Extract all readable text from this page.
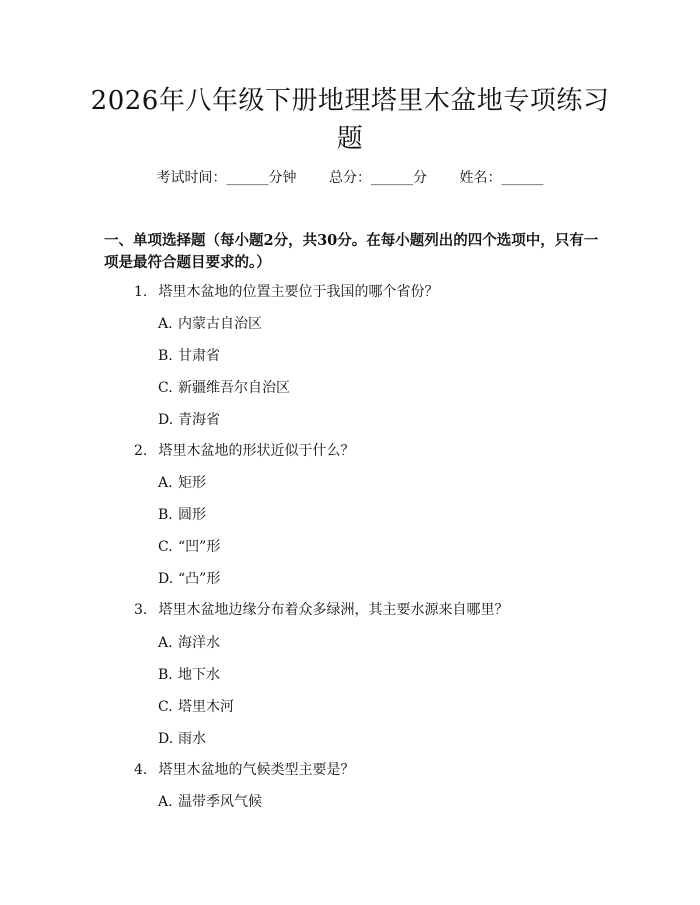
2026年八年级下册地理塔里木盆地专项练习
题
考试时间：______分钟 总分：______分 姓名：______
一、单项选择题（每小题2分，共30分。在每小题列出的四个选项中，只有一项是最符合题目要求的。）
1. 塔里木盆地的位置主要位于我国的哪个省份？
A. 内蒙古自治区
B. 甘肃省
C. 新疆维吾尔自治区
D. 青海省
2. 塔里木盆地的形状近似于什么？
A. 矩形
B. 圆形
C. “凹”形
D. “凸”形
3. 塔里木盆地边缘分布着众多绿洲，其主要水源来自哪里？
A. 海洋水
B. 地下水
C. 塔里木河
D. 雨水
4. 塔里木盆地的气候类型主要是？
A. 温带季风气候
